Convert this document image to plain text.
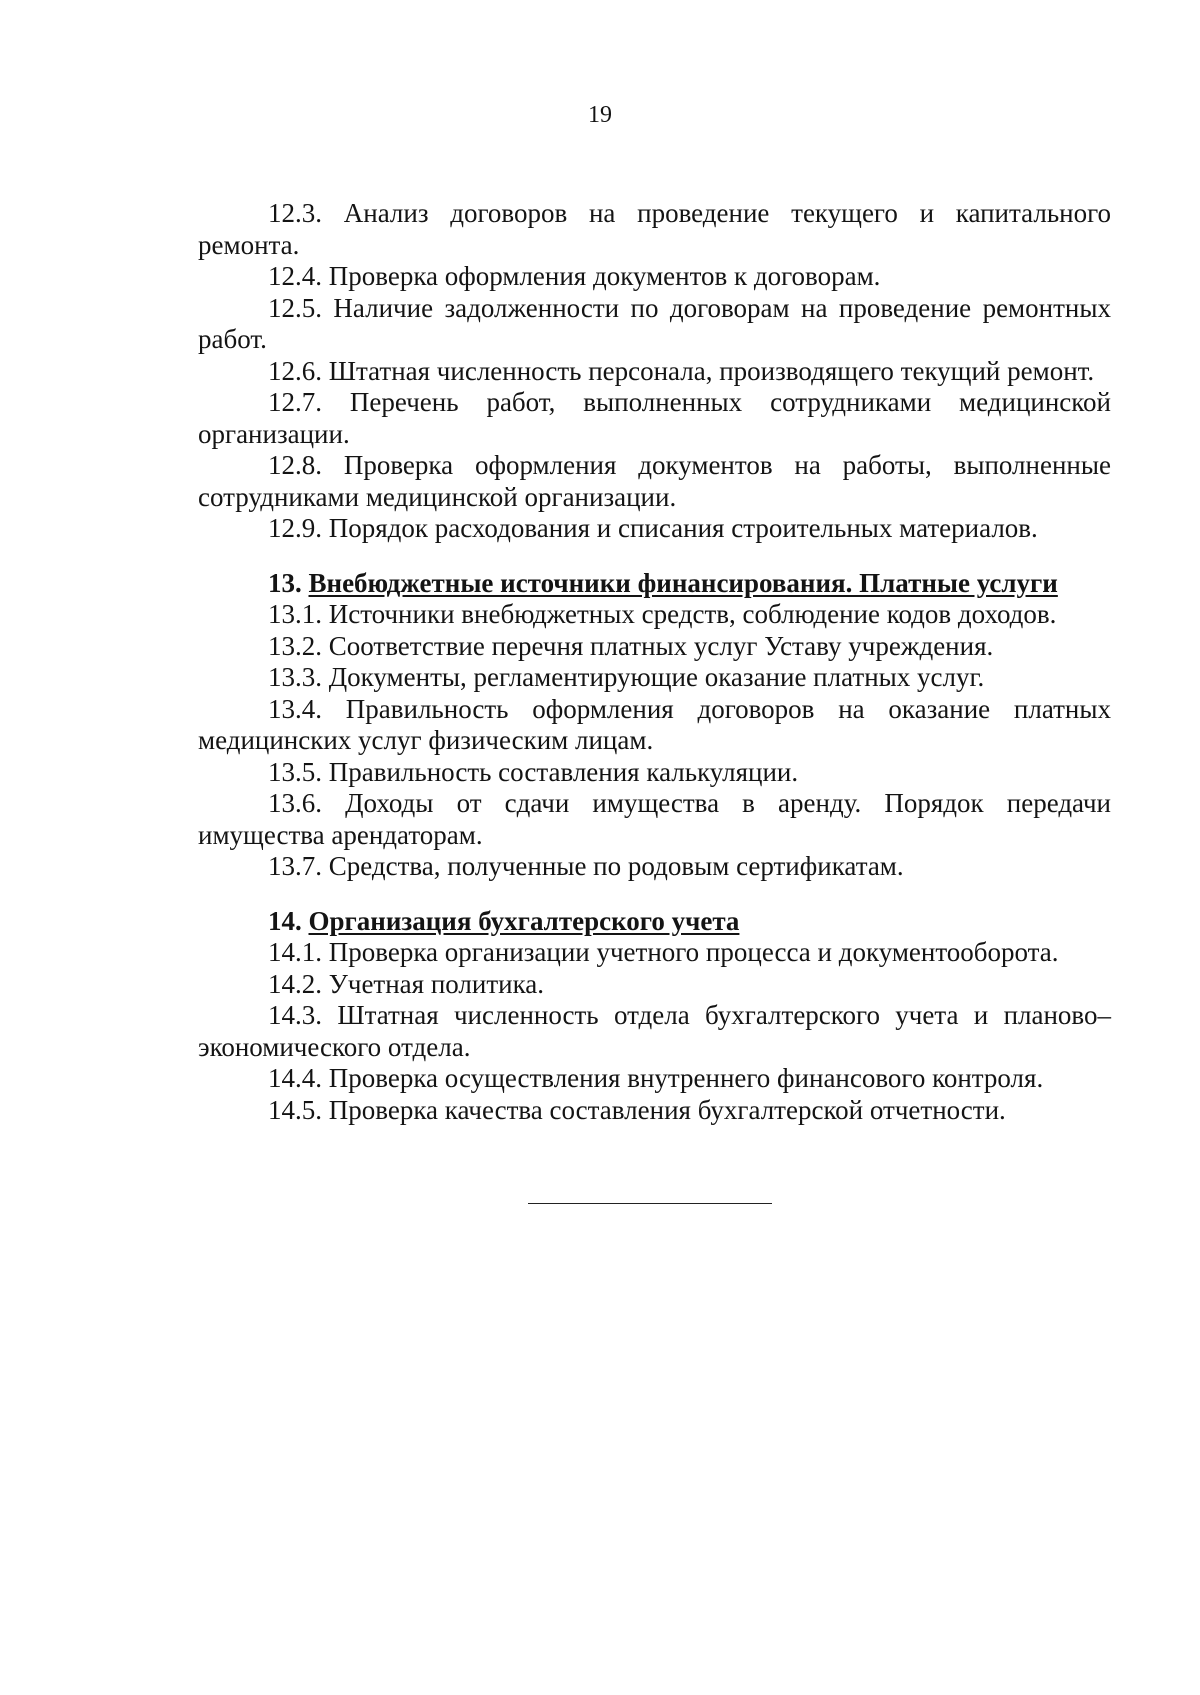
19

12.3. Анализ договоров на проведение текущего и капитального ремонта.

12.4. Проверка оформления документов к договорам.

12.5. Наличие задолженности по договорам на проведение ремонтных работ.

12.6. Штатная численность персонала, производящего текущий ремонт.

12.7. Перечень работ, выполненных сотрудниками медицинской организации.

12.8. Проверка оформления документов на работы, выполненные сотрудниками медицинской организации.

12.9. Порядок расходования и списания строительных материалов.

13. Внебюджетные источники финансирования. Платные услуги

13.1. Источники внебюджетных средств, соблюдение кодов доходов.

13.2. Соответствие перечня платных услуг Уставу учреждения.

13.3. Документы, регламентирующие оказание платных услуг.

13.4. Правильность оформления договоров на оказание платных медицинских услуг физическим лицам.

13.5. Правильность составления калькуляции.

13.6. Доходы от сдачи имущества в аренду. Порядок передачи имущества арендаторам.

13.7. Средства, полученные по родовым сертификатам.

14. Организация бухгалтерского учета

14.1. Проверка организации учетного процесса и документооборота.

14.2. Учетная политика.

14.3. Штатная численность отдела бухгалтерского учета и планово–экономического отдела.

14.4. Проверка осуществления внутреннего финансового контроля.

14.5. Проверка качества составления бухгалтерской отчетности.
